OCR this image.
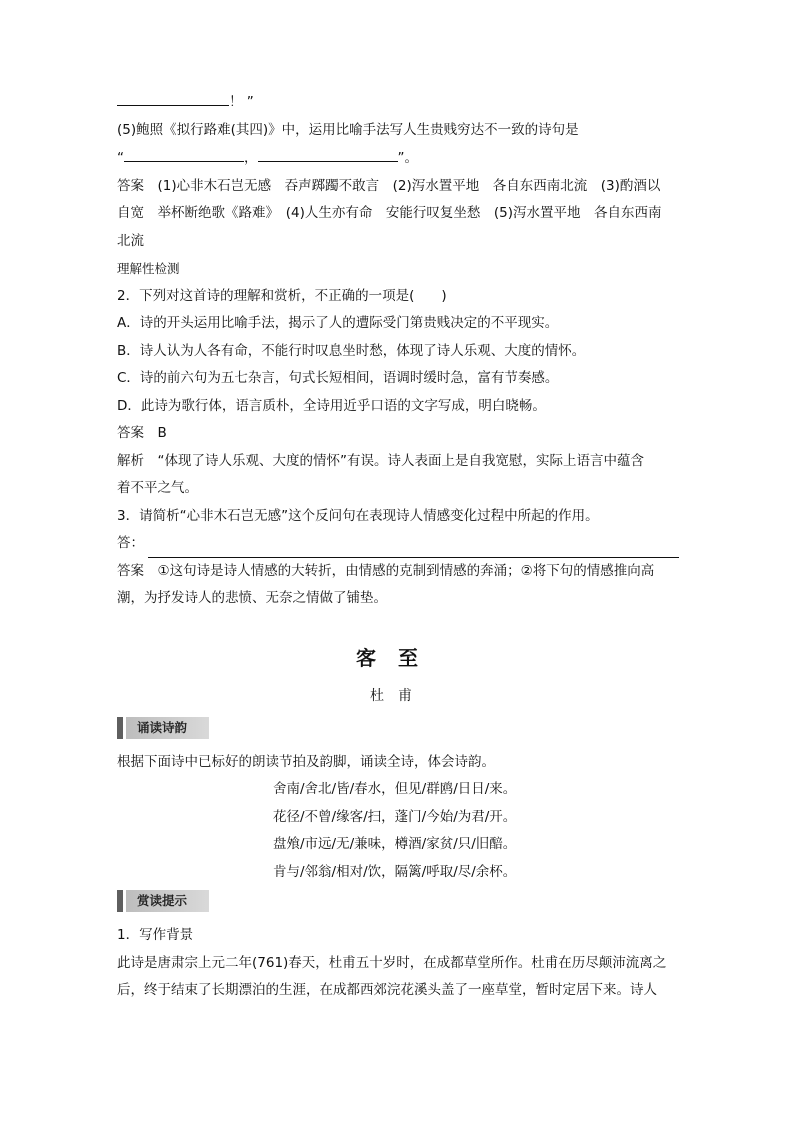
！ ”
(5)鲍照《拟行路难(其四)》中，运用比喻手法写人生贵贱穷达不一致的诗句是
“	，	”。
答案　(1)心非木石岂无感　吞声踯躅不敢言　(2)泻水置平地　各自东西南北流　(3)酌酒以
自宽　举杯断绝歌《路难》　(4)人生亦有命　安能行叹复坐愁　(5)泻水置平地　各自东西南
北流
理解性检测
2．下列对这首诗的理解和赏析，不正确的一项是(　　)
A．诗的开头运用比喻手法，揭示了人的遭际受门第贵贱决定的不平现实。
B．诗人认为人各有命，不能行时叹息坐时愁，体现了诗人乐观、大度的情怀。
C．诗的前六句为五七杂言，句式长短相间，语调时缓时急，富有节奏感。
D．此诗为歌行体，语言质朴，全诗用近乎口语的文字写成，明白晓畅。
答案　B
解析　“体现了诗人乐观、大度的情怀”有误。诗人表面上是自我宽慰，实际上语言中蕴含
着不平之气。
3．请简析“心非木石岂无感”这个反问句在表现诗人情感变化过程中所起的作用。
答：
答案　①这句诗是诗人情感的大转折，由情感的克制到情感的奔涌；②将下句的情感推向高
潮，为抒发诗人的悲愤、无奈之情做了铺垫。
客至
杜甫
诵读诗韵
根据下面诗中已标好的朗读节拍及韵脚，诵读全诗，体会诗韵。
舍南/舍北/皆/春水，但见/群鸥/日日/来。
花径/不曾/缘客/扫，蓬门/今始/为君/开。
盘飧/市远/无/兼味，樽酒/家贫/只/旧醅。
肯与/邻翁/相对/饮，隔篱/呼取/尽/余杯。
赏读提示
1．写作背景
此诗是唐肃宗上元二年(761)春天，杜甫五十岁时，在成都草堂所作。杜甫在历尽颠沛流离之
后，终于结束了长期漂泊的生涯，在成都西郊浣花溪头盖了一座草堂，暂时定居下来。诗人
